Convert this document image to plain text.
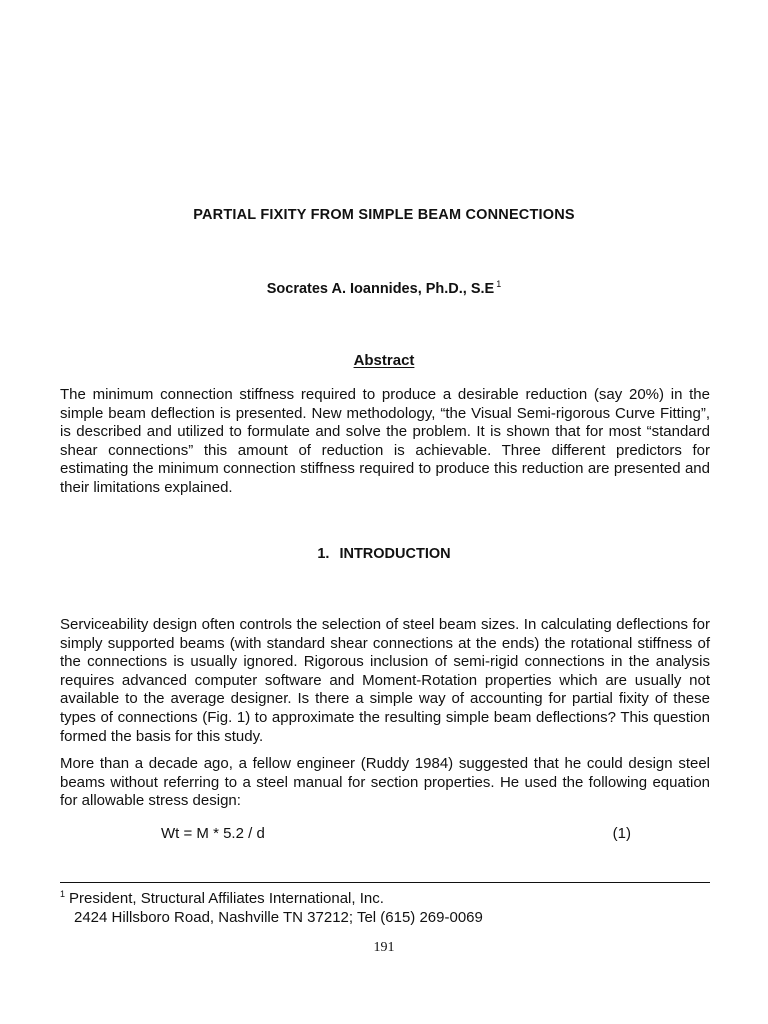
PARTIAL FIXITY FROM SIMPLE BEAM CONNECTIONS
Socrates A. Ioannides, Ph.D., S.E $^1$
Abstract
The minimum connection stiffness required to produce a desirable reduction (say 20%) in the simple beam deflection is presented. New methodology, “the Visual Semi-rigorous Curve Fitting”, is described and utilized to formulate and solve the problem. It is shown that for most “standard shear connections” this amount of reduction is achievable. Three different predictors for estimating the minimum connection stiffness required to produce this reduction are presented and their limitations explained.
1. INTRODUCTION
Serviceability design often controls the selection of steel beam sizes. In calculating deflections for simply supported beams (with standard shear connections at the ends) the rotational stiffness of the connections is usually ignored. Rigorous inclusion of semi-rigid connections in the analysis requires advanced computer software and Moment-Rotation properties which are usually not available to the average designer. Is there a simple way of accounting for partial fixity of these types of connections (Fig. 1) to approximate the resulting simple beam deflections? This question formed the basis for this study.
More than a decade ago, a fellow engineer (Ruddy 1984) suggested that he could design steel beams without referring to a steel manual for section properties. He used the following equation for allowable stress design:
Wt = M * 5.2 / d	(1)
$^1$ President, Structural Affiliates International, Inc.
2424 Hillsboro Road, Nashville TN 37212; Tel (615) 269-0069
191
